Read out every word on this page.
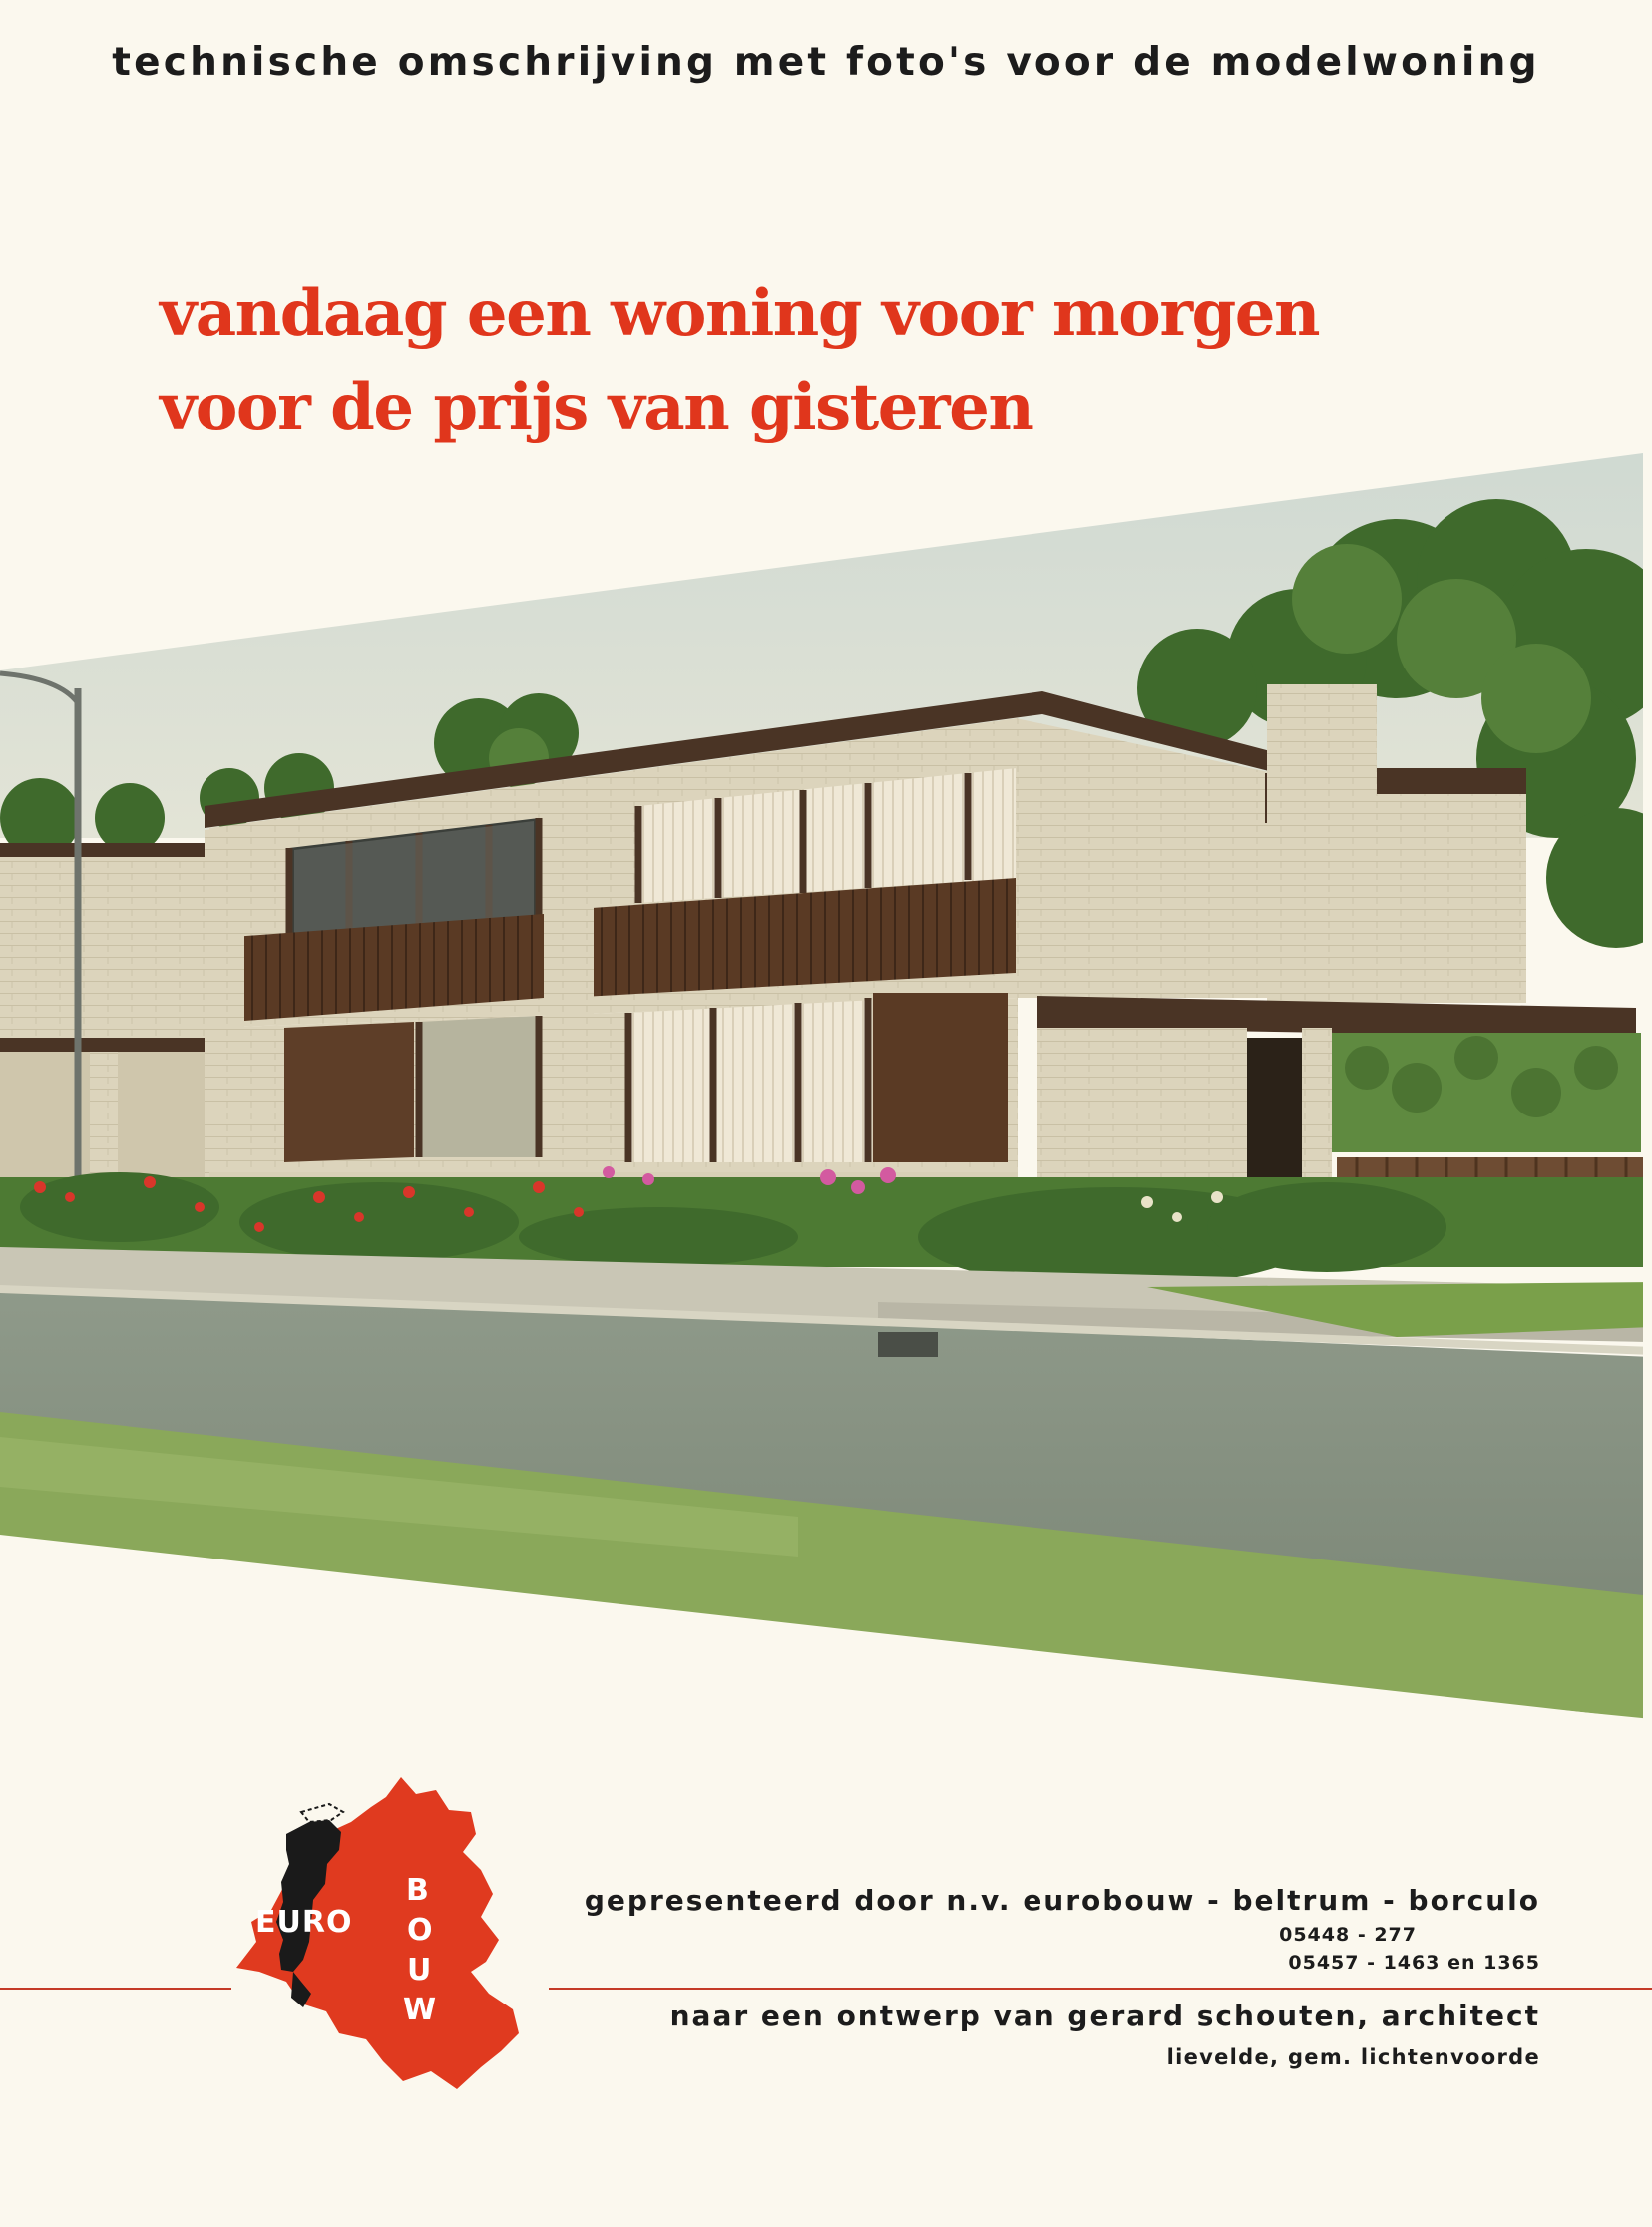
technische omschrijving met foto's voor de modelwoning
vandaag een woning voor morgen
voor de prijs van gisteren
EURO
B
O
U
W
gepresenteerd door n.v. eurobouw - beltrum - borculo
05448 - 277
05457 - 1463 en 1365
naar een ontwerp van gerard schouten, architect
lievelde, gem. lichtenvoorde
